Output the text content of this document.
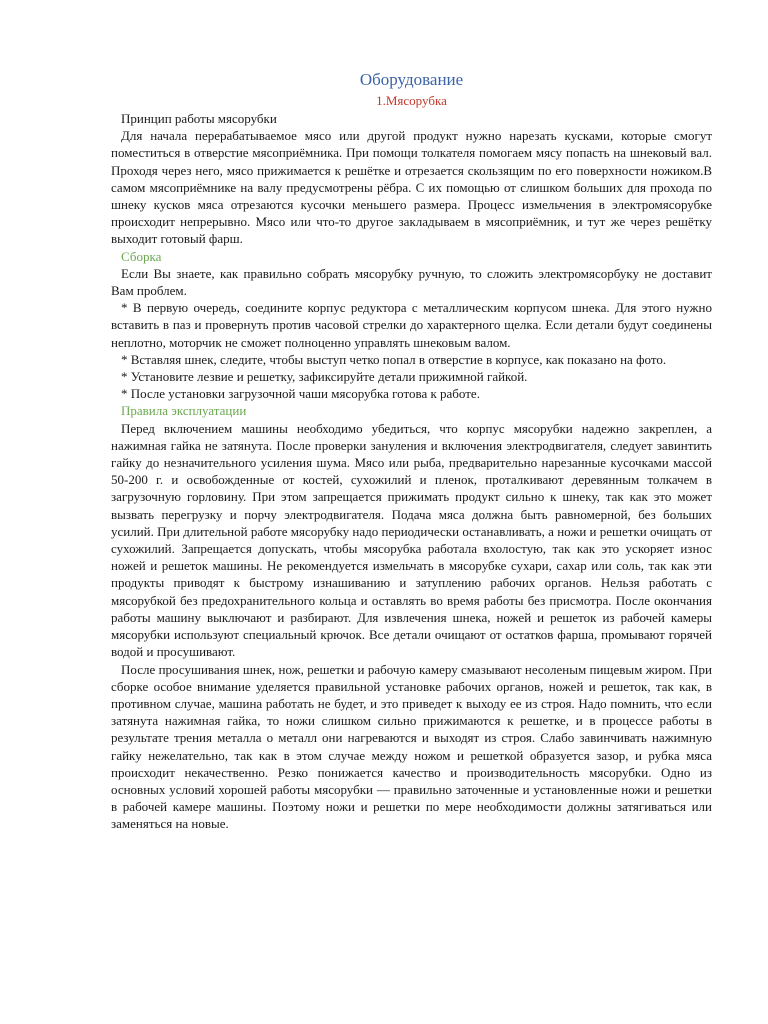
Оборудование
1.Мясорубка
Принцип работы мясорубки

Для начала перерабатываемое мясо или другой продукт нужно нарезать кусками, которые смогут поместиться в отверстие мясоприёмника. При помощи толкателя помогаем мясу попасть на шнековый вал. Проходя через него, мясо прижимается к решётке и отрезается скользящим по его поверхности ножиком.В самом мясоприёмнике на валу предусмотрены рёбра. С их помощью от слишком больших для прохода по шнеку кусков мяса отрезаются кусочки меньшего размера. Процесс измельчения в электромясорубке происходит непрерывно. Мясо или что-то другое закладываем в мясоприёмник, и тут же через решётку выходит готовый фарш.

Сборка

Если Вы знаете, как правильно собрать мясорубку ручную, то сложить электромясорбуку не доставит Вам проблем.

* В первую очередь, соедините корпус редуктора с металлическим корпусом шнека. Для этого нужно вставить в паз и провернуть против часовой стрелки до характерного щелка. Если детали будут соединены неплотно, моторчик не сможет полноценно управлять шнековым валом.

* Вставляя шнек, следите, чтобы выступ четко попал в отверстие в корпусе, как показано на фото.

* Установите лезвие и решетку, зафиксируйте детали прижимной гайкой.

* После установки загрузочной чаши мясорубка готова к работе.

Правила эксплуатации

Перед включением машины необходимо убедиться, что корпус мясорубки надежно закреплен, а нажимная гайка не затянута. После проверки зануления и включения электродвигателя, следует завинтить гайку до незначительного усиления шума. Мясо или рыба, предварительно нарезанные кусочками массой 50-200 г. и освобожденные от костей, сухожилий и пленок, проталкивают деревянным толкачем в загрузочную горловину. При этом запрещается прижимать продукт сильно к шнеку, так как это может вызвать перегрузку и порчу электродвигателя. Подача мяса должна быть равномерной, без больших усилий. При длительной работе мясорубку надо периодически останавливать, а ножи и решетки очищать от сухожилий. Запрещается допускать, чтобы мясорубка работала вхолостую, так как это ускоряет износ ножей и решеток машины. Не рекомендуется измельчать в мясорубке сухари, сахар или соль, так как эти продукты приводят к быстрому изнашиванию и затуплению рабочих органов. Нельзя работать с мясорубкой без предохранительного кольца и оставлять во время работы без присмотра. После окончания работы машину выключают и разбирают. Для извлечения шнека, ножей и решеток из рабочей камеры мясорубки используют специальный крючок. Все детали очищают от остатков фарша, промывают горячей водой и просушивают.

После просушивания шнек, нож, решетки и рабочую камеру смазывают несоленым пищевым жиром. При сборке особое внимание уделяется правильной установке рабочих органов, ножей и решеток, так как, в противном случае, машина работать не будет, и это приведет к выходу ее из строя. Надо помнить, что если затянута нажимная гайка, то ножи слишком сильно прижимаются к решетке, и в процессе работы в результате трения металла о металл они нагреваются и выходят из строя. Слабо завинчивать нажимную гайку нежелательно, так как в этом случае между ножом и решеткой образуется зазор, и рубка мяса происходит некачественно. Резко понижается качество и производительность мясорубки. Одно из основных условий хорошей работы мясорубки — правильно заточенные и установленные ножи и решетки в рабочей камере машины. Поэтому ножи и решетки по мере необходимости должны затягиваться или заменяться на новые.
